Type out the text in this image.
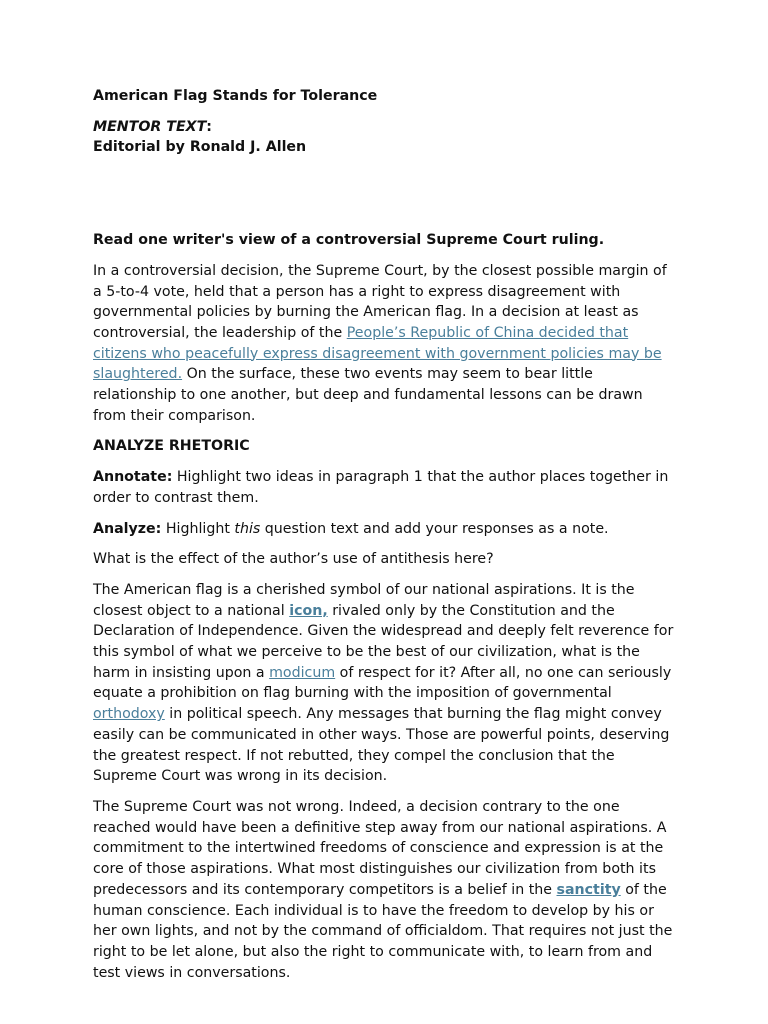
American Flag Stands for Tolerance

MENTOR TEXT:
Editorial by Ronald J. Allen

Read one writer's view of a controversial Supreme Court ruling.

In a controversial decision, the Supreme Court, by the closest possible margin of a 5-to-4 vote, held that a person has a right to express disagreement with governmental policies by burning the American flag. In a decision at least as controversial, the leadership of the People’s Republic of China decided that citizens who peacefully express disagreement with government policies may be slaughtered. On the surface, these two events may seem to bear little relationship to one another, but deep and fundamental lessons can be drawn from their comparison.

ANALYZE RHETORIC

Annotate: Highlight two ideas in paragraph 1 that the author places together in order to contrast them.

Analyze: Highlight this question text and add your responses as a note.

What is the effect of the author’s use of antithesis here?

The American flag is a cherished symbol of our national aspirations. It is the closest object to a national icon, rivaled only by the Constitution and the Declaration of Independence. Given the widespread and deeply felt reverence for this symbol of what we perceive to be the best of our civilization, what is the harm in insisting upon a modicum of respect for it? After all, no one can seriously equate a prohibition on flag burning with the imposition of governmental orthodoxy in political speech. Any messages that burning the flag might convey easily can be communicated in other ways. Those are powerful points, deserving the greatest respect. If not rebutted, they compel the conclusion that the Supreme Court was wrong in its decision.

The Supreme Court was not wrong. Indeed, a decision contrary to the one reached would have been a definitive step away from our national aspirations. A commitment to the intertwined freedoms of conscience and expression is at the core of those aspirations. What most distinguishes our civilization from both its predecessors and its contemporary competitors is a belief in the sanctity of the human conscience. Each individual is to have the freedom to develop by his or her own lights, and not by the command of officialdom. That requires not just the right to be let alone, but also the right to communicate with, to learn from and test views in conversations.
